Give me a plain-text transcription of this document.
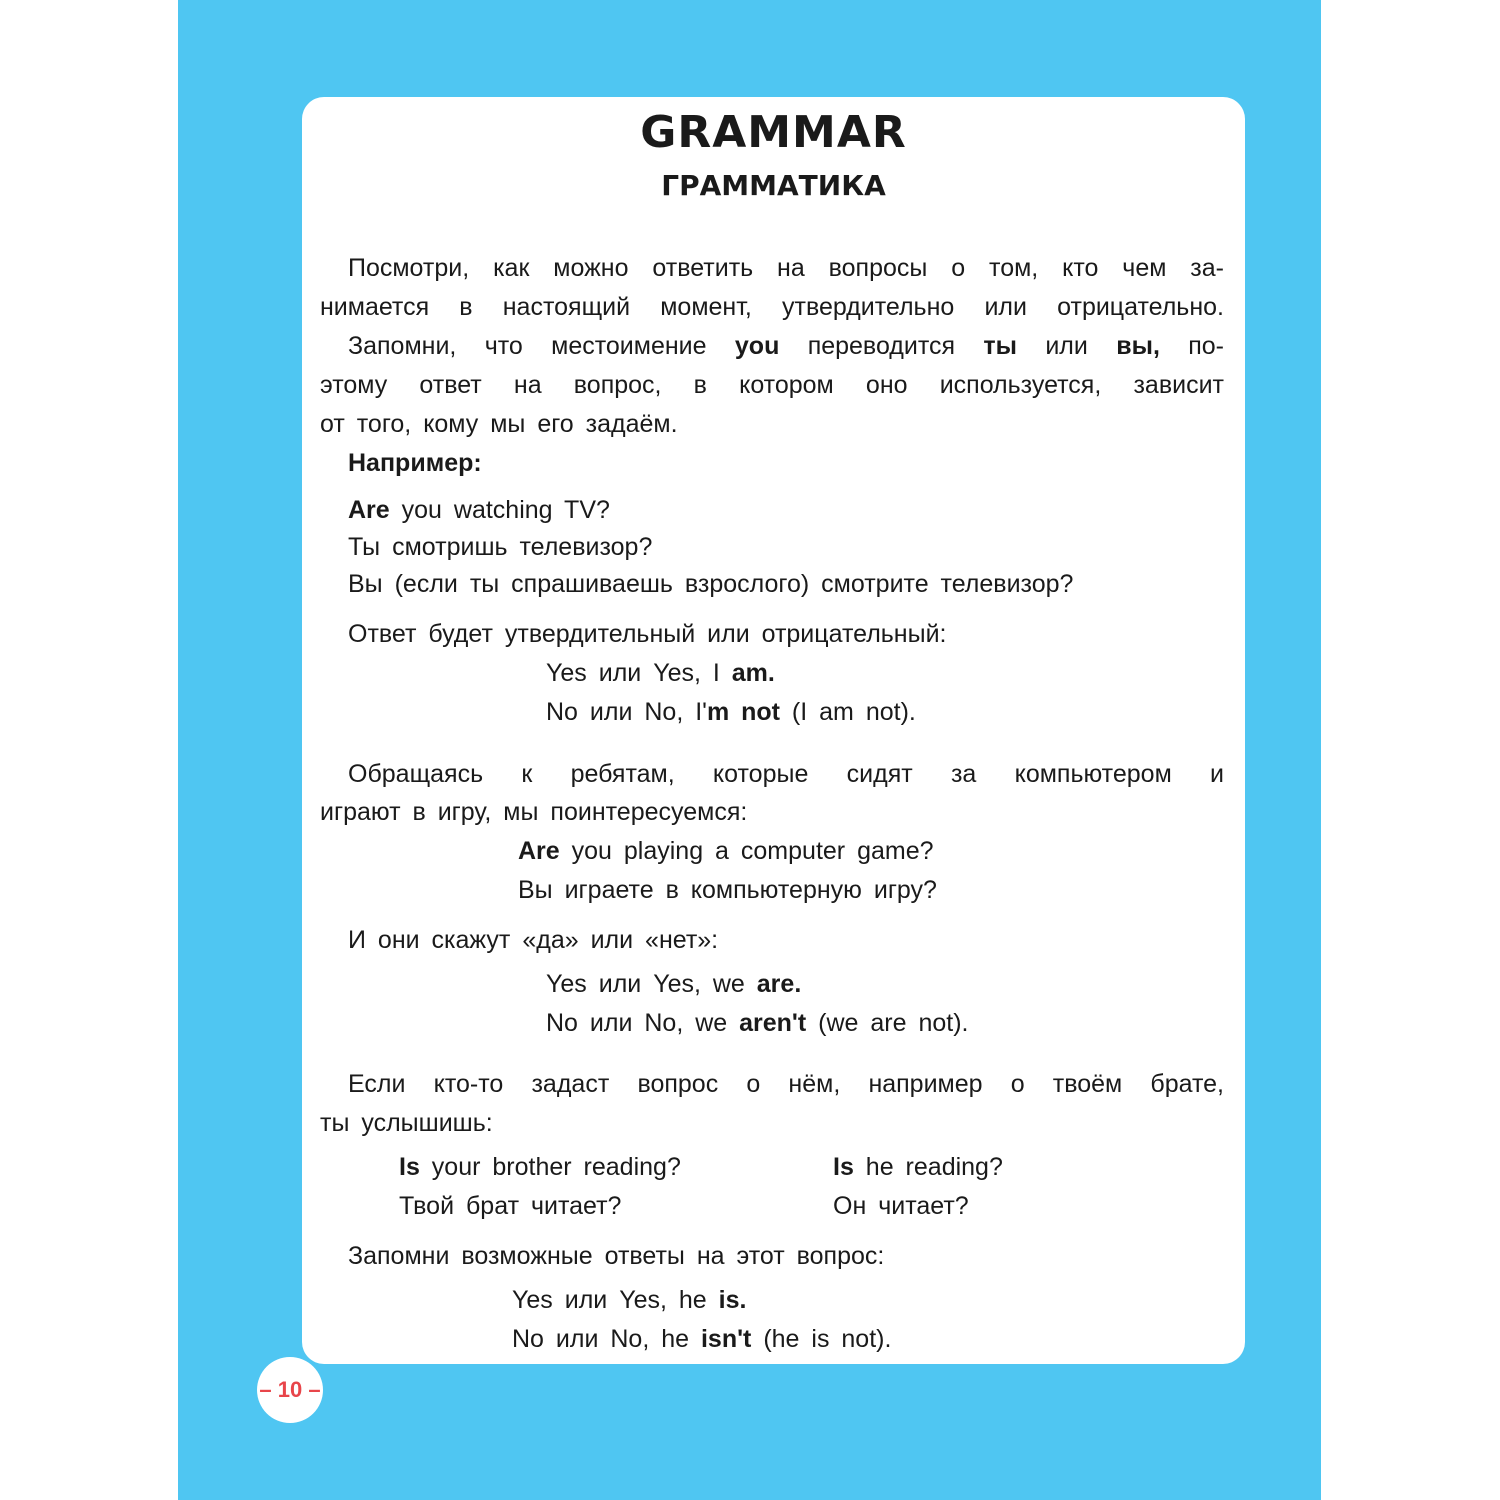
GRAMMAR
ГРАММАТИКА

Посмотри, как можно ответить на вопросы о том, кто чем за-

нимается в настоящий момент, утвердительно или отрицательно.

Запомни, что местоимение you переводится ты или вы, по-

этому ответ на вопрос, в котором оно используется, зависит

от того, кому мы его задаём.

Например:

Are you watching TV?

Ты смотришь телевизор?

Вы (если ты спрашиваешь взрослого) смотрите телевизор?

Ответ будет утвердительный или отрицательный:

Yes или Yes, I am.

No или No, I'm not (I am not).

Обращаясь к ребятам, которые сидят за компьютером и

играют в игру, мы поинтересуемся:

Are you playing a computer game?

Вы играете в компьютерную игру?

И они скажут «да» или «нет»:

Yes или Yes, we are.

No или No, we aren't (we are not).

Если кто-то задаст вопрос о нём, например о твоём брате,

ты услышишь:

Is your brother reading?

Твой брат читает?

Is he reading?

Он читает?

Запомни возможные ответы на этот вопрос:

Yes или Yes, he is.

No или No, he isn't (he is not).

– 10 –
